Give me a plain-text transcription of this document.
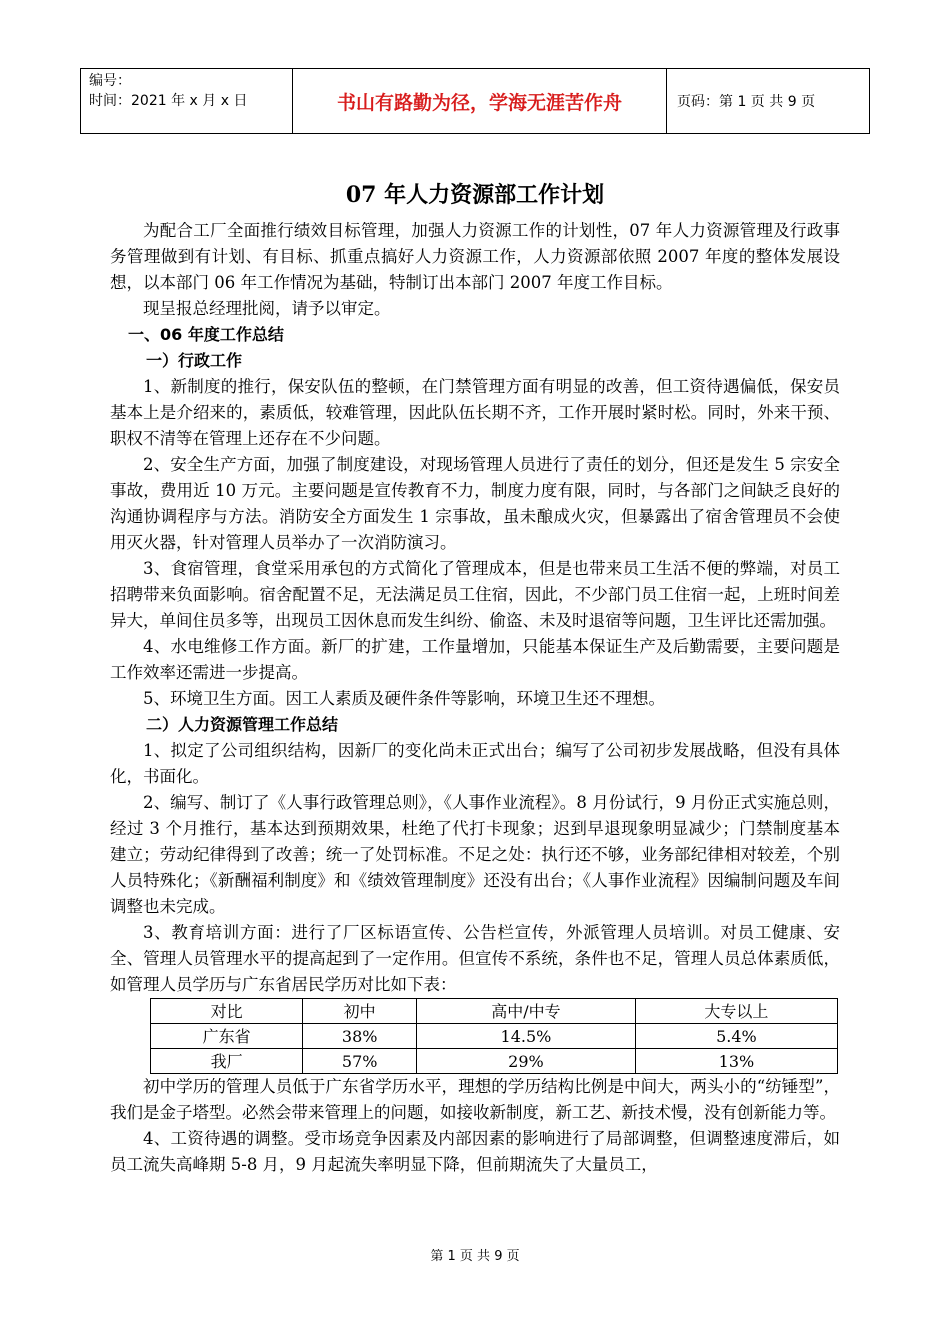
编号：
时间：2021 年 x 月 x 日	书山有路勤为径，学海无涯苦作舟	页码：第 1 页 共 9 页
07 年人力资源部工作计划

为配合工厂全面推行绩效目标管理，加强人力资源工作的计划性，07 年人力资源管理及行政事务管理做到有计划、有目标、抓重点搞好人力资源工作，人力资源部依照 2007 年度的整体发展设想，以本部门 06 年工作情况为基础，特制订出本部门 2007 年度工作目标。

现呈报总经理批阅，请予以审定。

一、06 年度工作总结

一）行政工作

1、新制度的推行，保安队伍的整顿，在门禁管理方面有明显的改善，但工资待遇偏低，保安员基本上是介绍来的，素质低，较难管理，因此队伍长期不齐，工作开展时紧时松。同时，外来干预、职权不清等在管理上还存在不少问题。

2、安全生产方面，加强了制度建设，对现场管理人员进行了责任的划分，但还是发生 5 宗安全事故，费用近 10 万元。主要问题是宣传教育不力，制度力度有限，同时，与各部门之间缺乏良好的沟通协调程序与方法。消防安全方面发生 1 宗事故，虽未酿成火灾，但暴露出了宿舍管理员不会使用灭火器，针对管理人员举办了一次消防演习。

3、食宿管理，食堂采用承包的方式简化了管理成本，但是也带来员工生活不便的弊端，对员工招聘带来负面影响。宿舍配置不足，无法满足员工住宿，因此，不少部门员工住宿一起，上班时间差异大，单间住员多等，出现员工因休息而发生纠纷、偷盗、未及时退宿等问题，卫生评比还需加强。

4、水电维修工作方面。新厂的扩建，工作量增加，只能基本保证生产及后勤需要，主要问题是工作效率还需进一步提高。

5、环境卫生方面。因工人素质及硬件条件等影响，环境卫生还不理想。

二）人力资源管理工作总结

1、拟定了公司组织结构，因新厂的变化尚未正式出台；编写了公司初步发展战略，但没有具体化，书面化。

2、编写、制订了《人事行政管理总则》，《人事作业流程》。8 月份试行，9 月份正式实施总则，经过 3 个月推行，基本达到预期效果，杜绝了代打卡现象；迟到早退现象明显减少；门禁制度基本建立；劳动纪律得到了改善；统一了处罚标准。不足之处：执行还不够，业务部纪律相对较差，个别人员特殊化；《新酬福利制度》和《绩效管理制度》还没有出台；《人事作业流程》因编制问题及车间调整也未完成。

3、教育培训方面：进行了厂区标语宣传、公告栏宣传，外派管理人员培训。对员工健康、安全、管理人员管理水平的提高起到了一定作用。但宣传不系统，条件也不足，管理人员总体素质低，如管理人员学历与广东省居民学历对比如下表：

对比	初中	高中/中专	大专以上
广东省	38%	14.5%	5.4%
我厂	57%	29%	13%

初中学历的管理人员低于广东省学历水平，理想的学历结构比例是中间大，两头小的“纺锤型”，我们是金子塔型。必然会带来管理上的问题，如接收新制度，新工艺、新技术慢，没有创新能力等。

4、工资待遇的调整。受市场竞争因素及内部因素的影响进行了局部调整，但调整速度滞后，如员工流失高峰期 5-8 月，9 月起流失率明显下降，但前期流失了大量员工，

第 1 页 共 9 页
